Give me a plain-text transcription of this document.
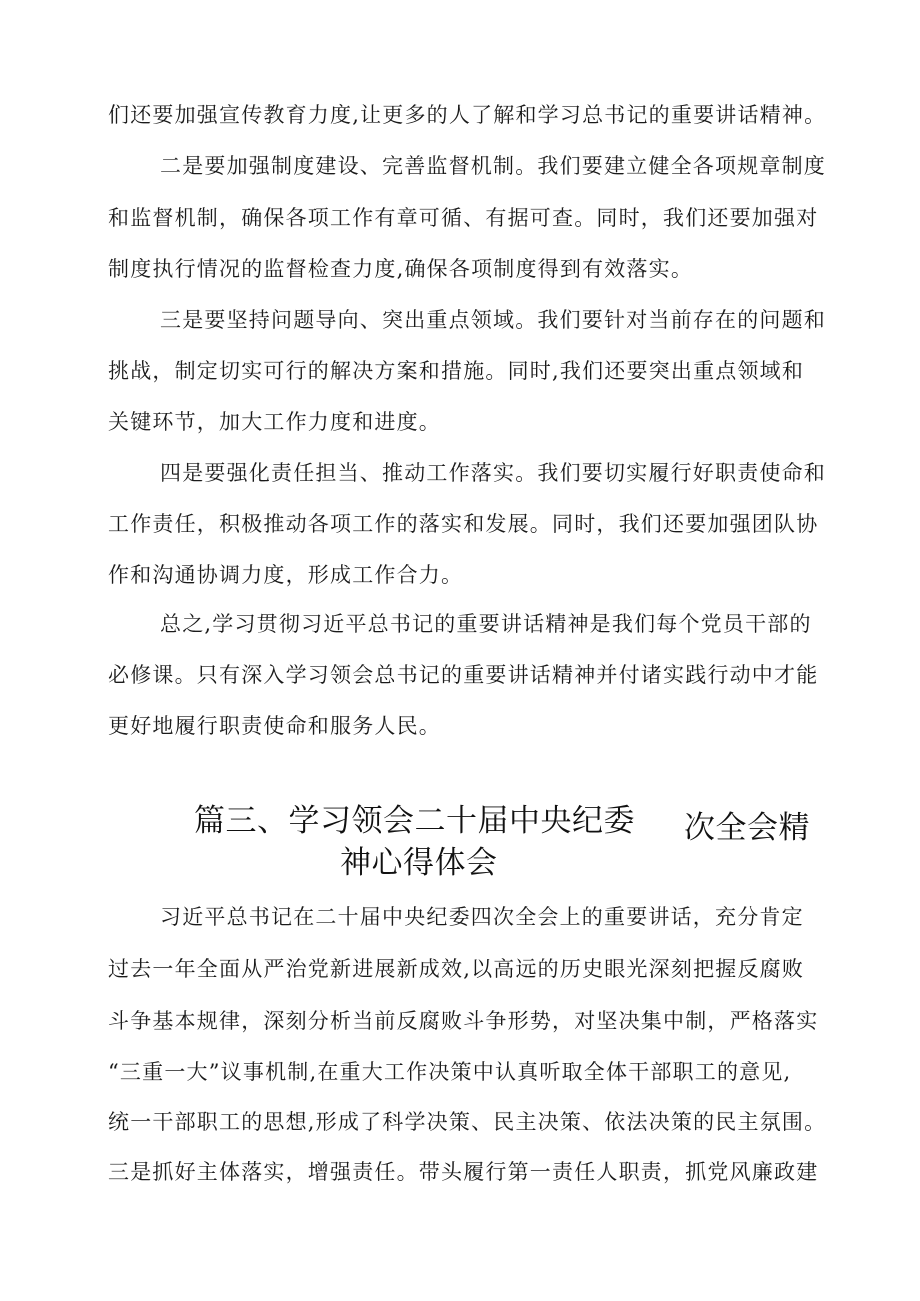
们还要加强宣传教育力度,让更多的人了解和学习总书记的重要讲话精神。
二是要加强制度建设、完善监督机制。我们要建立健全各项规章制度
和监督机制，确保各项工作有章可循、有据可查。同时，我们还要加强对
制度执行情况的监督检查力度,确保各项制度得到有效落实。
三是要坚持问题导向、突出重点领域。我们要针对当前存在的问题和
挑战，制定切实可行的解决方案和措施。同时,我们还要突出重点领域和
关键环节，加大工作力度和进度。
四是要强化责任担当、推动工作落实。我们要切实履行好职责使命和
工作责任，积极推动各项工作的落实和发展。同时，我们还要加强团队协
作和沟通协调力度，形成工作合力。
总之,学习贯彻习近平总书记的重要讲话精神是我们每个党员干部的
必修课。只有深入学习领会总书记的重要讲话精神并付诸实践行动中才能
更好地履行职责使命和服务人民。
篇三、学习领会二十届中央纪委 次全会精
神心得体会
习近平总书记在二十届中央纪委四次全会上的重要讲话，充分肯定
过去一年全面从严治党新进展新成效,以高远的历史眼光深刻把握反腐败
斗争基本规律，深刻分析当前反腐败斗争形势，对坚决集中制，严格落实
“三重一大”议事机制,在重大工作决策中认真听取全体干部职工的意见,
统一干部职工的思想,形成了科学决策、民主决策、依法决策的民主氛围。
三是抓好主体落实，增强责任。带头履行第一责任人职责，抓党风廉政建
